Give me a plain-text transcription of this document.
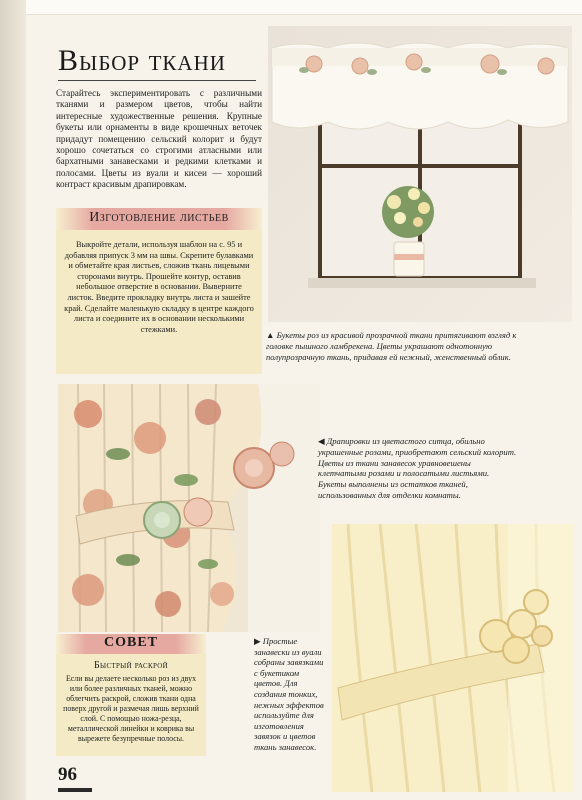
Выбор ткани
Старайтесь экспериментировать с различными тканями и размером цветов, чтобы найти интересные художественные решения. Крупные букеты или орнаменты в виде крошечных веточек придадут помещению сельский колорит и будут хорошо сочетаться со строгими атласными или бархатными занавесками и редкими клетками и полосами. Цветы из вуали и кисеи — хороший контраст красивым драпировкам.
Изготовление листьев
Выкройте детали, используя шаблон на с. 95 и добавляя припуск 3 мм на швы. Скрепите булавками и обметайте края листьев, сложив ткань лицевыми сторонами внутрь. Прошейте контур, оставив небольшое отверстие в основании. Выверните листок. Введите прокладку внутрь листа и зашейте край. Сделайте маленькую складку в центре каждого листа и соедините их в основании несколькими стежками.
▲ Букеты роз из красивой прозрачной ткани притягивают взгляд к головке пышного ламбрекена. Цветы украшают однотонную полупрозрачную ткань, придавая ей нежный, женственный облик.
◀ Драпировки из цветастого ситца, обильно украшенные розами, приобретают сельский колорит. Цветы из ткани занавесок уравновешены клетчатыми розами и полосатыми листьями. Букеты выполнены из остатков тканей, использованных для отделки комнаты.
▶ Простые занавески из вуали собраны завязками с букетиком цветов. Для создания тонких, нежных эффектов используйте для изготовления завязок и цветов ткань занавесок.
СОВЕТ
Быстрый раскрой
Если вы делаете несколько роз из двух или более различных тканей, можно облегчить раскрой, сложив ткани одна поверх другой и размечая лишь верхний слой. С помощью ножа-резца, металлической линейки и коврика вы вырежете безупречные полосы.
96
